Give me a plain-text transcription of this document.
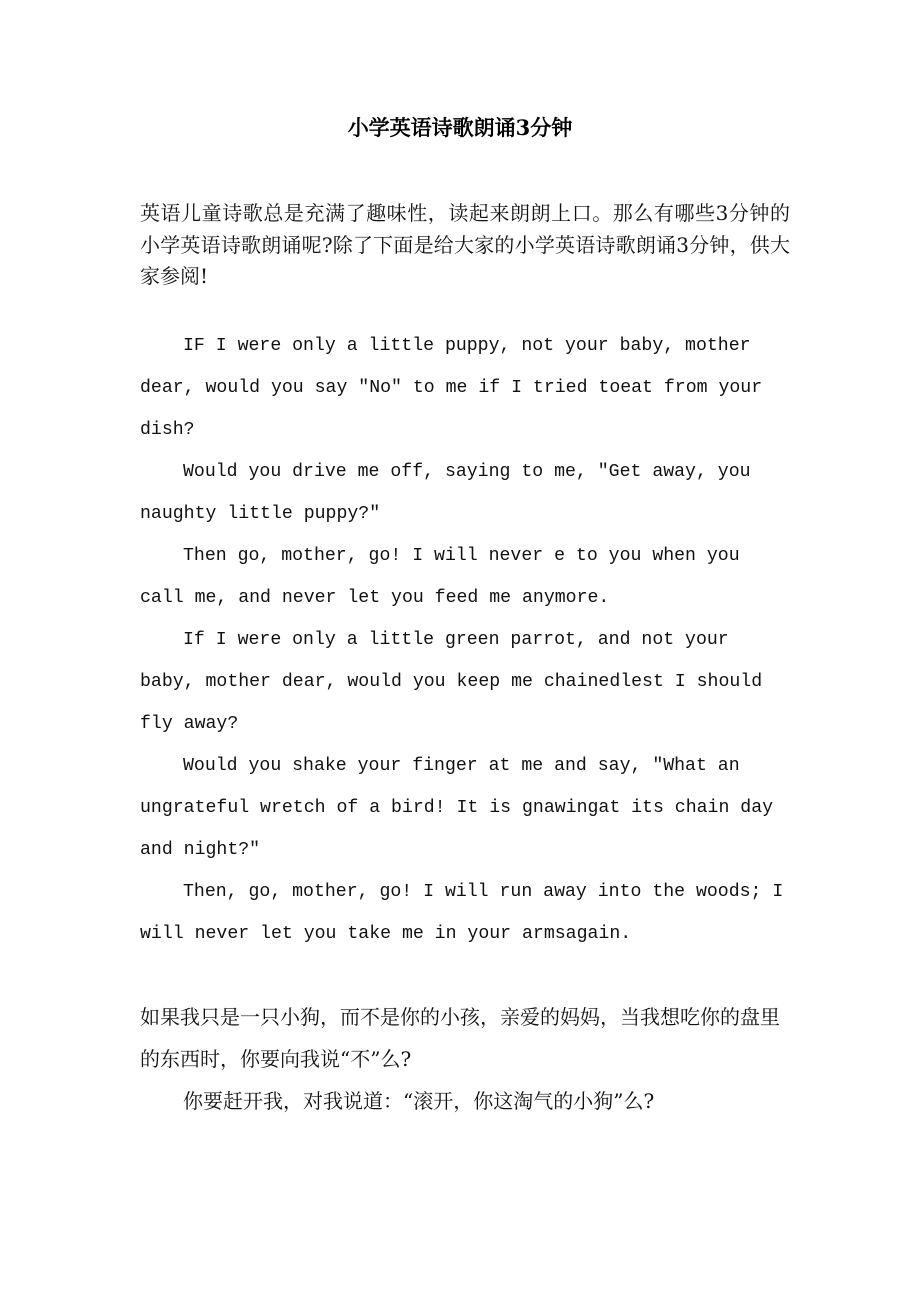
小学英语诗歌朗诵3分钟

英语儿童诗歌总是充满了趣味性，读起来朗朗上口。那么有哪些3分钟的小学英语诗歌朗诵呢?除了下面是给大家的小学英语诗歌朗诵3分钟，供大家参阅!

IF I were only a little puppy, not your baby, mother dear, would you say "No" to me if I tried toeat from your dish?

Would you drive me off, saying to me, "Get away, you naughty little puppy?"

Then go, mother, go! I will never e to you when you call me, and never let you feed me anymore.

If I were only a little green parrot, and not your baby, mother dear, would you keep me chainedlest I should fly away?

Would you shake your finger at me and say, "What an ungrateful wretch of a bird! It is gnawingat its chain day and night?"

Then, go, mother, go! I will run away into the woods; I will never let you take me in your armsagain.

如果我只是一只小狗，而不是你的小孩，亲爱的妈妈，当我想吃你的盘里的东西时，你要向我说“不”么?

你要赶开我，对我说道：“滚开，你这淘气的小狗”么?
